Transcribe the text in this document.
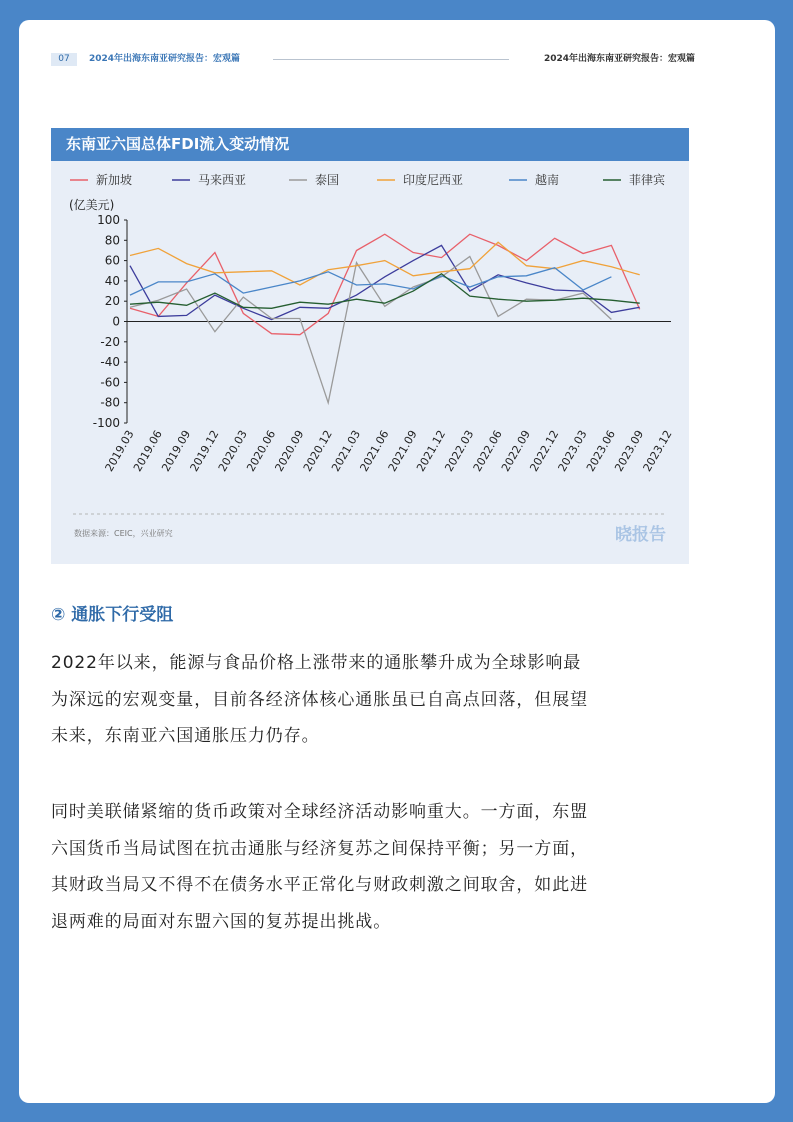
07	2024年出海东南亚研究报告：宏观篇	2024年出海东南亚研究报告：宏观篇
东南亚六国总体FDI流入变动情况
新加坡	马来西亚	泰国	印度尼西亚	越南	菲律宾
(亿美元)
100
80
60
40
20
0
-20
-40
-60
-80
-100
2019.03
2019.06
2019.09
2019.12
2020.03
2020.06
2020.09
2020.12
2021.03
2021.06
2021.09
2021.12
2022.03
2022.06
2022.09
2022.12
2023.03
2023.06
2023.09
2023.12
数据来源：CEIC，兴业研究	晓报告
② 通胀下行受阻
2022年以来，能源与食品价格上涨带来的通胀攀升成为全球影响最
为深远的宏观变量，目前各经济体核心通胀虽已自高点回落，但展望
未来，东南亚六国通胀压力仍存。
同时美联储紧缩的货币政策对全球经济活动影响重大。一方面，东盟
六国货币当局试图在抗击通胀与经济复苏之间保持平衡；另一方面，
其财政当局又不得不在债务水平正常化与财政刺激之间取舍，如此进
退两难的局面对东盟六国的复苏提出挑战。
